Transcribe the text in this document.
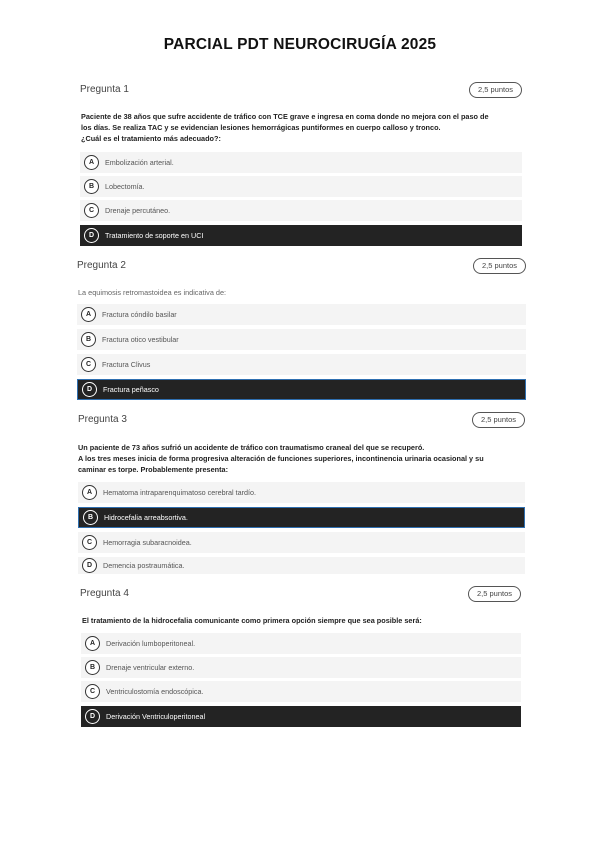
PARCIAL PDT NEUROCIRUGÍA 2025
Pregunta 1	2,5 puntos
Paciente de 38 años que sufre accidente de tráfico con TCE grave e ingresa en coma donde no mejora con el paso de
los días. Se realiza TAC y se evidencian lesiones hemorrágicas puntiformes en cuerpo calloso y tronco.
¿Cuál es el tratamiento más adecuado?:
A	Embolización arterial.
B	Lobectomía.
C	Drenaje percutáneo.
D	Tratamiento de soporte en UCI
Pregunta 2	2,5 puntos
La equimosis retromastoidea es indicativa de:
A	Fractura cóndilo basilar
B	Fractura otico vestibular
C	Fractura Clivus
D	Fractura peñasco
Pregunta 3	2,5 puntos
Un paciente de 73 años sufrió un accidente de tráfico con traumatismo craneal del que se recuperó.
A los tres meses inicia de forma progresiva alteración de funciones superiores, incontinencia urinaria ocasional y su
caminar es torpe. Probablemente presenta:
A	Hematoma intraparenquimatoso cerebral tardío.
B	Hidrocefalia arreabsortiva.
C	Hemorragia subaracnoidea.
D	Demencia postraumática.
Pregunta 4	2,5 puntos
El tratamiento de la hidrocefalia comunicante como primera opción siempre que sea posible será:
A	Derivación lumboperitoneal.
B	Drenaje ventricular externo.
C	Ventriculostomía endoscópica.
D	Derivación Ventriculoperitoneal
